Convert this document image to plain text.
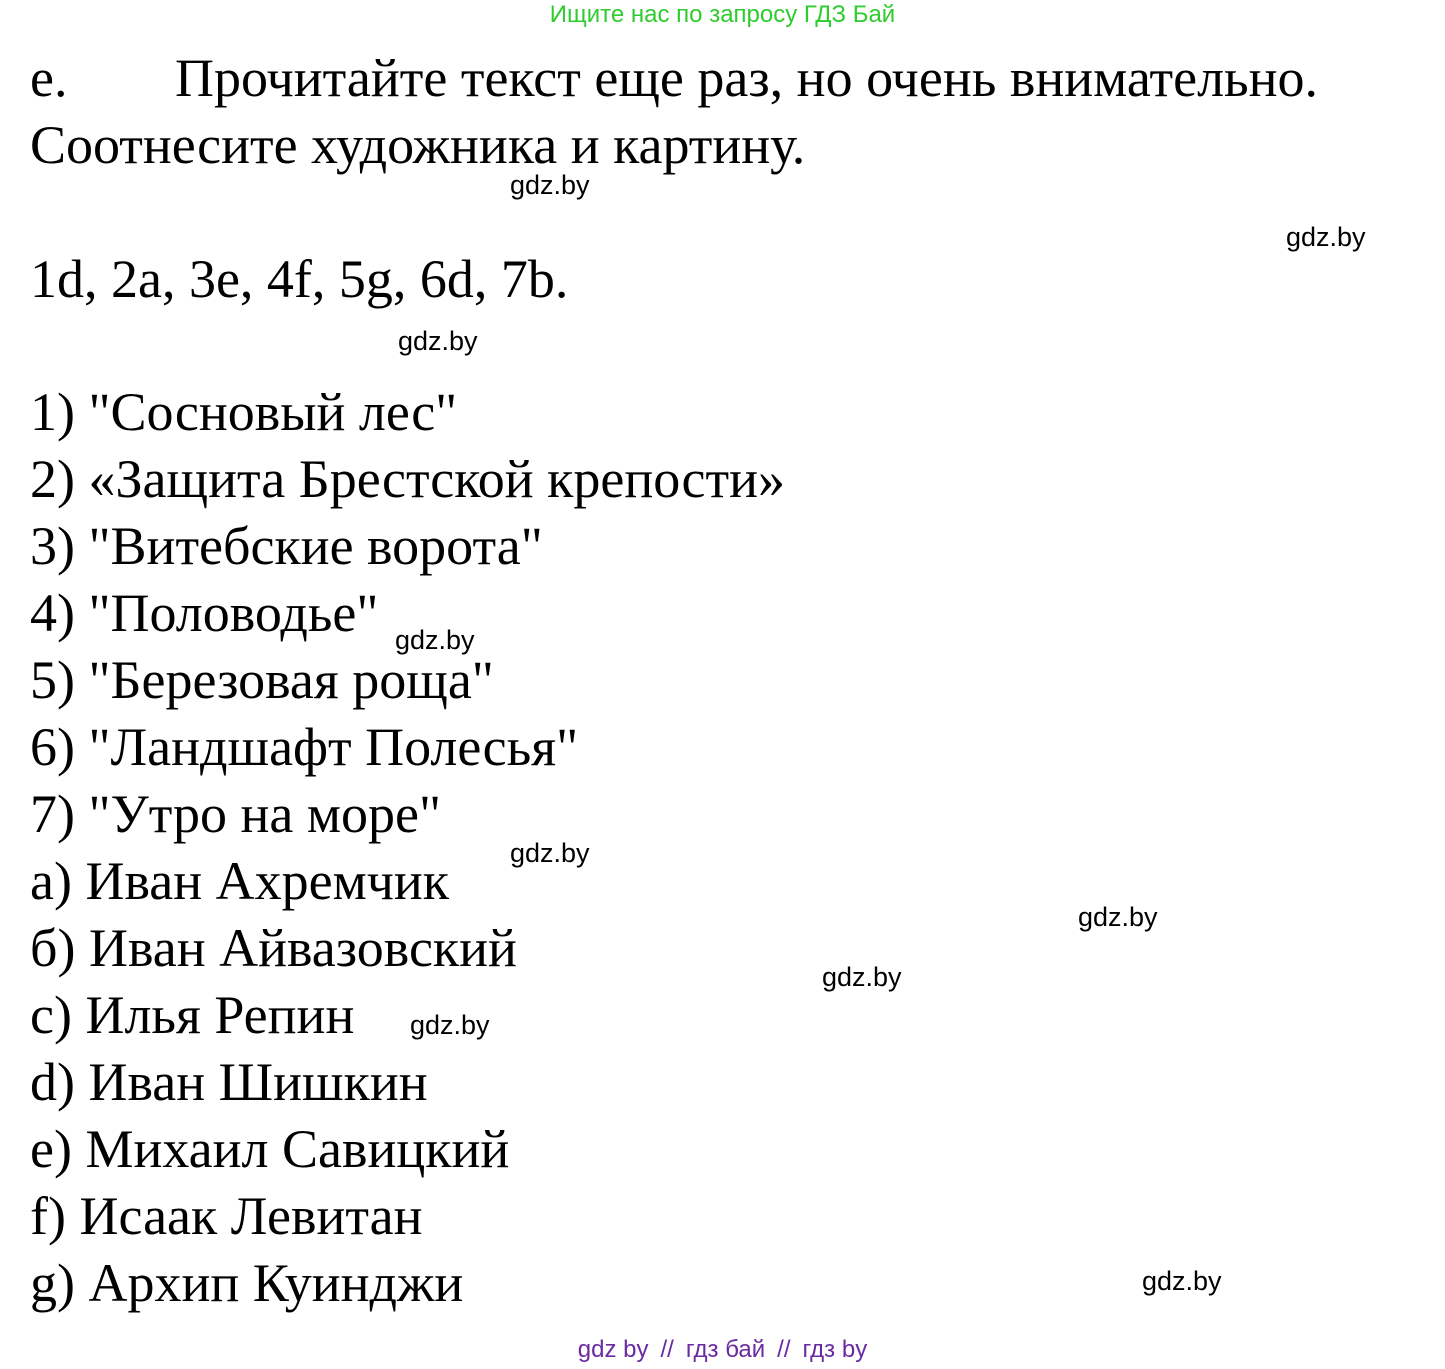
Ищите нас по запросу ГДЗ Бай
e. Прочитайте текст еще раз, но очень внимательно.
Соотнесите художника и картину.
1d, 2a, 3e, 4f, 5g, 6d, 7b.
1) "Сосновый лес"
2) «Защита Брестской крепости»
3) "Витебские ворота"
4) "Половодье"
5) "Березовая роща"
6) "Ландшафт Полесья"
7) "Утро на море"
a) Иван Ахремчик
б) Иван Айвазовский
c) Илья Репин
d) Иван Шишкин
e) Михаил Савицкий
f) Исаак Левитан
g) Архип Куинджи
gdz.by
gdz.by
gdz.by
gdz.by
gdz.by
gdz.by
gdz.by
gdz.by
gdz.by
gdz by // гдз бай // гдз by
